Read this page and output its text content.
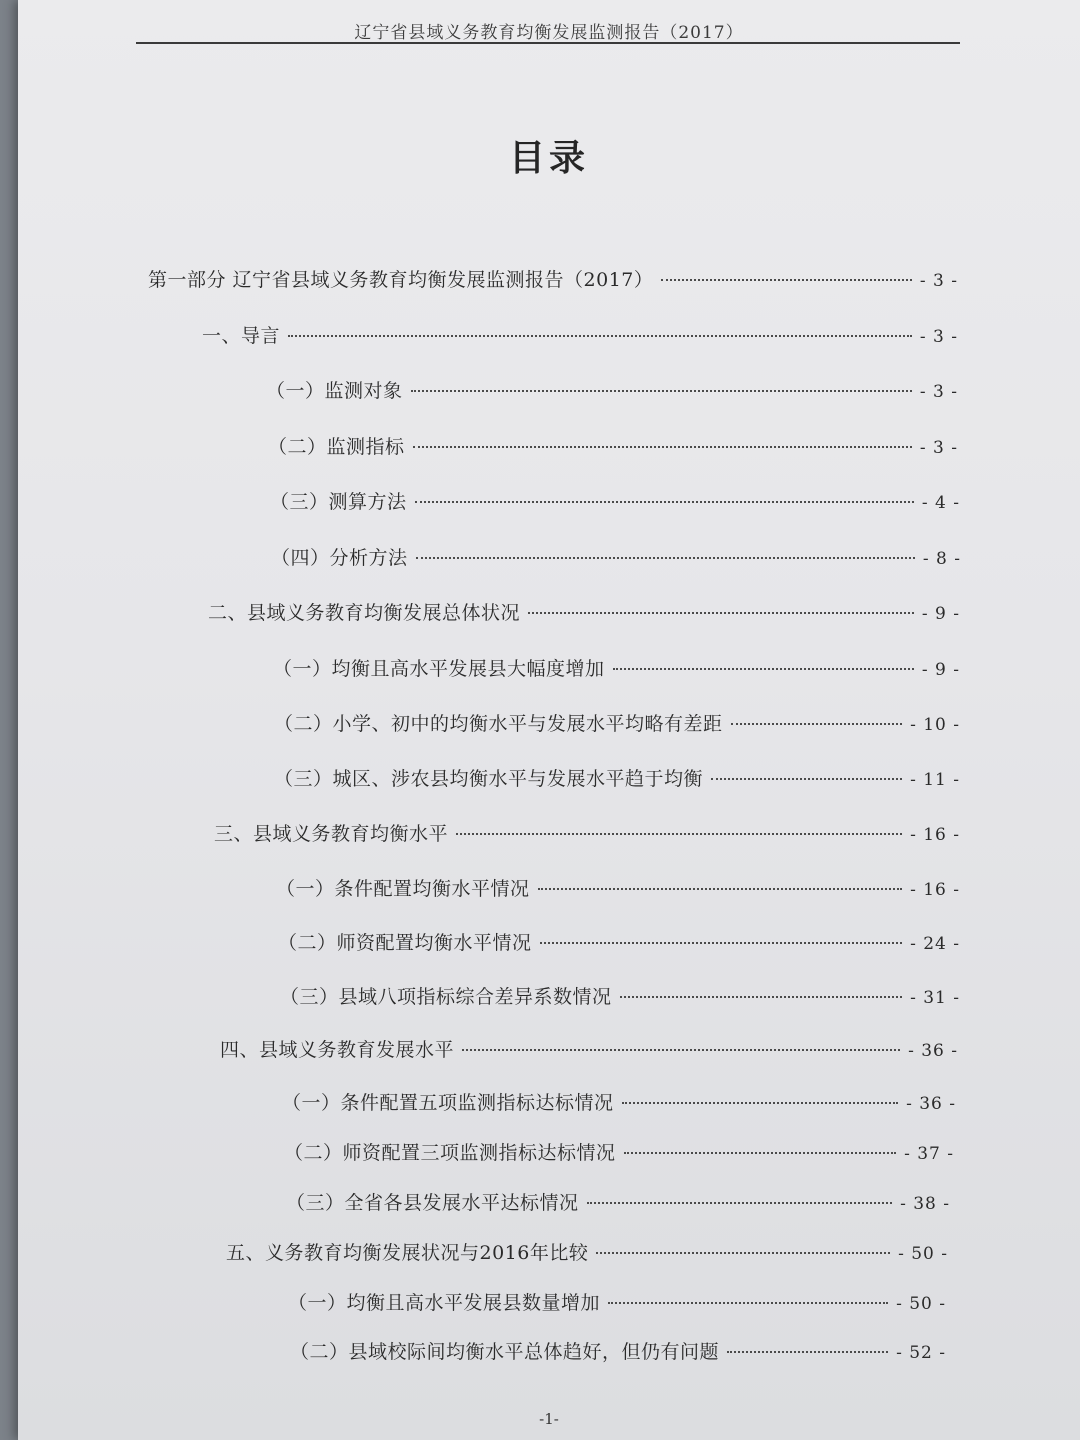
辽宁省县域义务教育均衡发展监测报告（2017）
目录
第一部分 辽宁省县域义务教育均衡发展监测报告（2017）	- 3 -
一、导言	- 3 -
（一）监测对象	- 3 -
（二）监测指标	- 3 -
（三）测算方法	- 4 -
（四）分析方法	- 8 -
二、县域义务教育均衡发展总体状况	- 9 -
（一）均衡且高水平发展县大幅度增加	- 9 -
（二）小学、初中的均衡水平与发展水平均略有差距	- 10 -
（三）城区、涉农县均衡水平与发展水平趋于均衡	- 11 -
三、县域义务教育均衡水平	- 16 -
（一）条件配置均衡水平情况	- 16 -
（二）师资配置均衡水平情况	- 24 -
（三）县域八项指标综合差异系数情况	- 31 -
四、县域义务教育发展水平	- 36 -
（一）条件配置五项监测指标达标情况	- 36 -
（二）师资配置三项监测指标达标情况	- 37 -
（三）全省各县发展水平达标情况	- 38 -
五、义务教育均衡发展状况与2016年比较	- 50 -
（一）均衡且高水平发展县数量增加	- 50 -
（二）县域校际间均衡水平总体趋好，但仍有问题	- 52 -
-1-
